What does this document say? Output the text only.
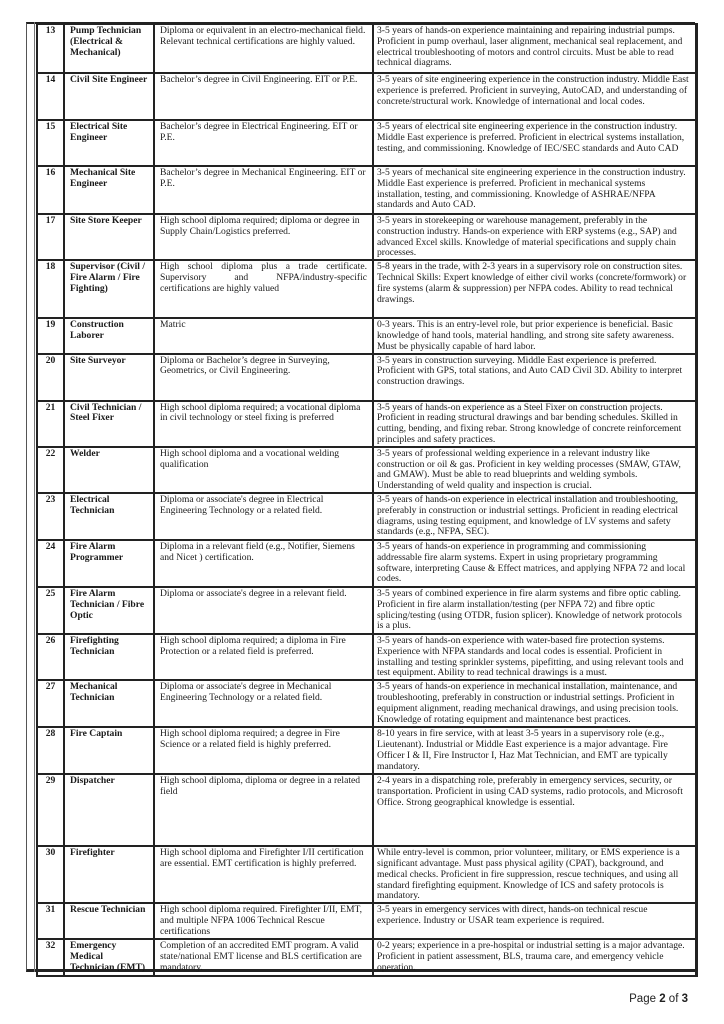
13	Pump Technician (Electrical & Mechanical)	Diploma or equivalent in an electro-mechanical field. Relevant technical certifications are highly valued.	3-5 years of hands-on experience maintaining and repairing industrial pumps. Proficient in pump overhaul, laser alignment, mechanical seal replacement, and electrical troubleshooting of motors and control circuits. Must be able to read technical diagrams.
14	Civil Site Engineer	Bachelor’s degree in Civil Engineering. EIT or P.E.	3-5 years of site engineering experience in the construction industry. Middle East experience is preferred. Proficient in surveying, AutoCAD, and understanding of concrete/structural work. Knowledge of international and local codes.
15	Electrical Site Engineer	Bachelor’s degree in Electrical Engineering. EIT or P.E.	3-5 years of electrical site engineering experience in the construction industry. Middle East experience is preferred. Proficient in electrical systems installation, testing, and commissioning. Knowledge of IEC/SEC standards and Auto CAD
16	Mechanical Site Engineer	Bachelor’s degree in Mechanical Engineering. EIT or P.E.	3-5 years of mechanical site engineering experience in the construction industry. Middle East experience is preferred. Proficient in mechanical systems installation, testing, and commissioning. Knowledge of ASHRAE/NFPA standards and Auto CAD.
17	Site Store Keeper	High school diploma required; diploma or degree in Supply Chain/Logistics preferred.	3-5 years in storekeeping or warehouse management, preferably in the construction industry. Hands-on experience with ERP systems (e.g., SAP) and advanced Excel skills. Knowledge of material specifications and supply chain processes.
18	Supervisor (Civil / Fire Alarm / Fire Fighting)	High school diploma plus a trade certificate. Supervisory and NFPA/industry-specific certifications are highly valued	5-8 years in the trade, with 2-3 years in a supervisory role on construction sites.
Technical Skills: Expert knowledge of either civil works (concrete/formwork) or fire systems (alarm & suppression) per NFPA codes. Ability to read technical drawings.

19	Construction Laborer	Matric	0-3 years. This is an entry-level role, but prior experience is beneficial. Basic knowledge of hand tools, material handling, and strong site safety awareness. Must be physically capable of hard labor.
20	Site Surveyor	Diploma or Bachelor’s degree in Surveying, Geometrics, or Civil Engineering.	3-5 years in construction surveying. Middle East experience is preferred. Proficient with GPS, total stations, and Auto CAD Civil 3D. Ability to interpret construction drawings.
21	Civil Technician / Steel Fixer	High school diploma required; a vocational diploma in civil technology or steel fixing is preferred	3-5 years of hands-on experience as a Steel Fixer on construction projects. Proficient in reading structural drawings and bar bending schedules. Skilled in cutting, bending, and fixing rebar. Strong knowledge of concrete reinforcement principles and safety practices.
22	Welder	High school diploma and a vocational welding qualification	3-5 years of professional welding experience in a relevant industry like construction or oil & gas. Proficient in key welding processes (SMAW, GTAW, and GMAW). Must be able to read blueprints and welding symbols. Understanding of weld quality and inspection is crucial.
23	Electrical Technician	Diploma or associate's degree in Electrical Engineering Technology or a related field.	3-5 years of hands-on experience in electrical installation and troubleshooting, preferably in construction or industrial settings. Proficient in reading electrical diagrams, using testing equipment, and knowledge of LV systems and safety standards (e.g., NFPA, SEC).
24	Fire Alarm Programmer	Diploma in a relevant field (e.g., Notifier, Siemens and Nicet ) certification.	3-5 years of hands-on experience in programming and commissioning addressable fire alarm systems. Expert in using proprietary programming software, interpreting Cause & Effect matrices, and applying NFPA 72 and local codes.
25	Fire Alarm Technician / Fibre Optic	Diploma or associate's degree in a relevant field.	3-5 years of combined experience in fire alarm systems and fibre optic cabling. Proficient in fire alarm installation/testing (per NFPA 72) and fibre optic splicing/testing (using OTDR, fusion splicer). Knowledge of network protocols is a plus.
26	Firefighting Technician	High school diploma required; a diploma in Fire Protection or a related field is preferred.	3-5 years of hands-on experience with water-based fire protection systems. Experience with NFPA standards and local codes is essential. Proficient in installing and testing sprinkler systems, pipefitting, and using relevant tools and test equipment. Ability to read technical drawings is a must.
27	Mechanical Technician	Diploma or associate's degree in Mechanical Engineering Technology or a related field.	3-5 years of hands-on experience in mechanical installation, maintenance, and troubleshooting, preferably in construction or industrial settings. Proficient in equipment alignment, reading mechanical drawings, and using precision tools. Knowledge of rotating equipment and maintenance best practices.
28	Fire Captain	High school diploma required; a degree in Fire Science or a related field is highly preferred.	8-10 years in fire service, with at least 3-5 years in a supervisory role (e.g., Lieutenant). Industrial or Middle East experience is a major advantage. Fire Officer I & II, Fire Instructor I, Haz Mat Technician, and EMT are typically mandatory.
29	Dispatcher	High school diploma, diploma or degree in a related field	2-4 years in a dispatching role, preferably in emergency services, security, or transportation. Proficient in using CAD systems, radio protocols, and Microsoft Office. Strong geographical knowledge is essential.
30	Firefighter	High school diploma and Firefighter I/II certification are essential. EMT certification is highly preferred.	While entry-level is common, prior volunteer, military, or EMS experience is a significant advantage. Must pass physical agility (CPAT), background, and medical checks. Proficient in fire suppression, rescue techniques, and using all standard firefighting equipment. Knowledge of ICS and safety protocols is mandatory.
31	Rescue Technician	High school diploma required. Firefighter I/II, EMT, and multiple NFPA 1006 Technical Rescue certifications	3-5 years in emergency services with direct, hands-on technical rescue experience. Industry or USAR team experience is required.
32	Emergency Medical Technician (EMT)	Completion of an accredited EMT program. A valid state/national EMT license and BLS certification are mandatory.	0-2 years; experience in a pre-hospital or industrial setting is a major advantage. Proficient in patient assessment, BLS, trauma care, and emergency vehicle operation.
Page 2 of 3
